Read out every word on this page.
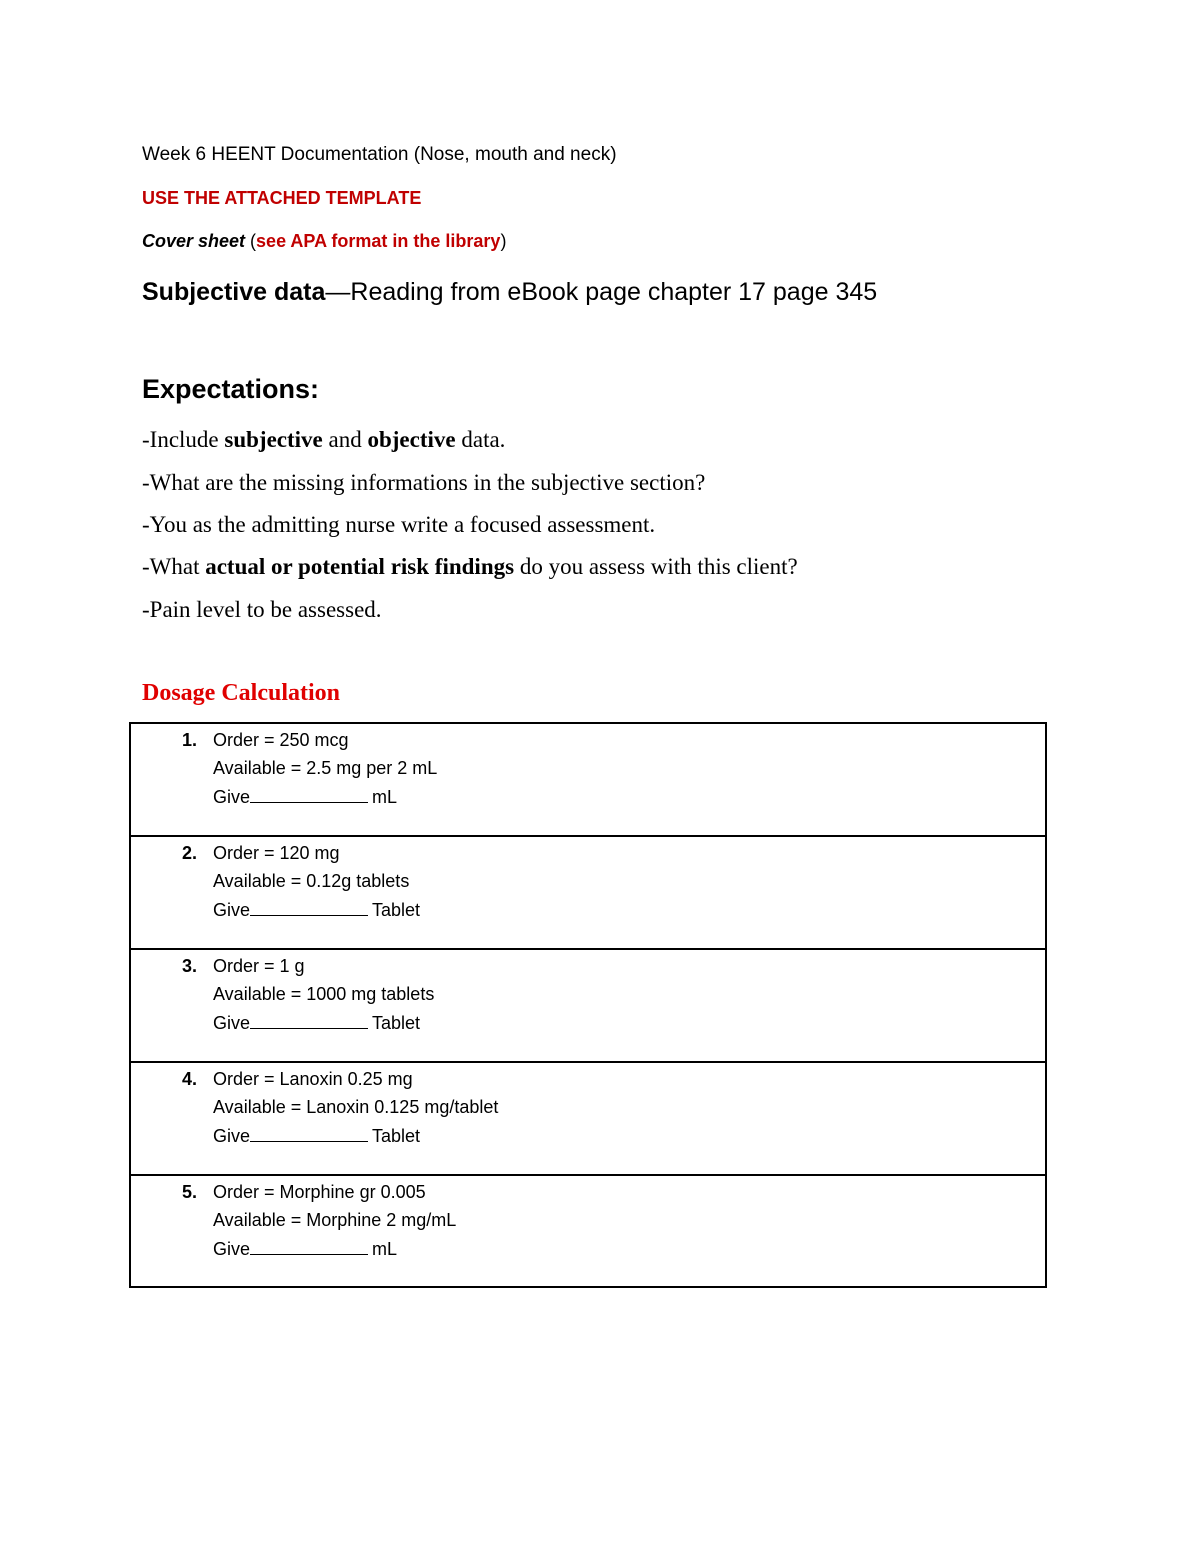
Week 6 HEENT Documentation (Nose, mouth and neck)
USE THE ATTACHED TEMPLATE
Cover sheet (see APA format in the library)
Subjective data—Reading from eBook page chapter 17 page 345
Expectations:
-Include subjective and objective data.
-What are the missing informations in the subjective section?
-You as the admitting nurse write a focused assessment.
-What actual or potential risk findings do you assess with this client?
-Pain level to be assessed.
Dosage Calculation
1. Order = 250 mcg
Available = 2.5 mg per 2 mL
Give	mL
2. Order = 120 mg
Available = 0.12g tablets
Give	Tablet
3. Order = 1 g
Available = 1000 mg tablets
Give	Tablet
4. Order = Lanoxin 0.25 mg
Available = Lanoxin 0.125 mg/tablet
Give	Tablet
5. Order = Morphine gr 0.005
Available = Morphine 2 mg/mL
Give	mL
